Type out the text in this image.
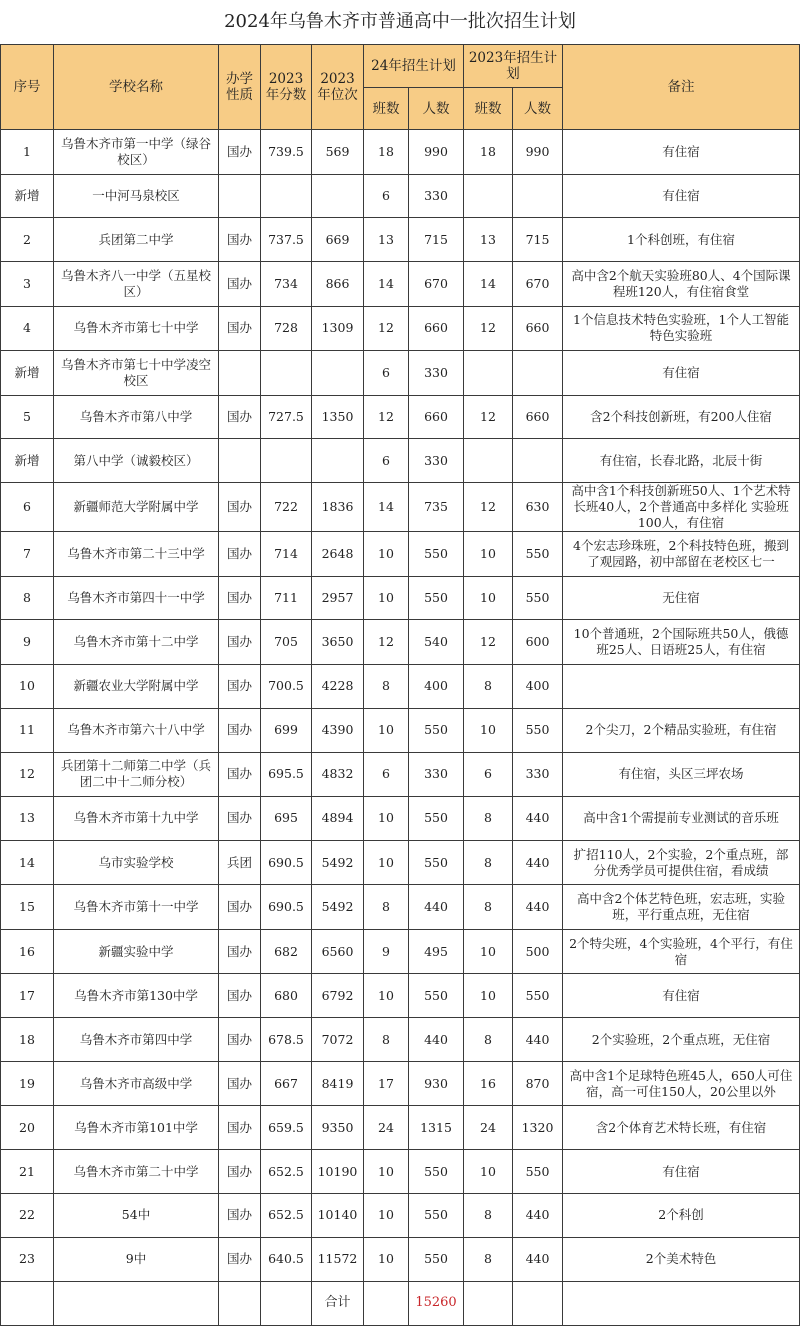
2024年乌鲁木齐市普通高中一批次招生计划
序号	学校名称	办学性质	2023年分数	2023年位次	24年招生计划		2023年招生计划		备注
					班数	人数	班数	人数	
1	乌鲁木齐市第一中学（绿谷校区）	国办	739.5	569	18	990	18	990	有住宿
新增	一中河马泉校区				6	330			有住宿
2	兵团第二中学	国办	737.5	669	13	715	13	715	1个科创班，有住宿
3	乌鲁木齐八一中学（五星校区）	国办	734	866	14	670	14	670	高中含2个航天实验班80人、4个国际课程班120人，有住宿食堂
4	乌鲁木齐市第七十中学	国办	728	1309	12	660	12	660	1个信息技术特色实验班，1个人工智能特色实验班
新增	乌鲁木齐市第七十中学凌空校区				6	330			有住宿
5	乌鲁木齐市第八中学	国办	727.5	1350	12	660	12	660	含2个科技创新班，有200人住宿
新增	第八中学（诚毅校区）				6	330			有住宿，长春北路，北辰十街
6	新疆师范大学附属中学	国办	722	1836	14	735	12	630	高中含1个科技创新班50人、1个艺术特长班40人，2个普通高中多样化 实验班100人，有住宿
7	乌鲁木齐市第二十三中学	国办	714	2648	10	550	10	550	4个宏志珍珠班，2个科技特色班，搬到了观园路，初中部留在老校区七一
8	乌鲁木齐市第四十一中学	国办	711	2957	10	550	10	550	无住宿
9	乌鲁木齐市第十二中学	国办	705	3650	12	540	12	600	10个普通班，2个国际班共50人，俄德班25人、日语班25人，有住宿
10	新疆农业大学附属中学	国办	700.5	4228	8	400	8	400	
11	乌鲁木齐市第六十八中学	国办	699	4390	10	550	10	550	2个尖刀，2个精品实验班，有住宿
12	兵团第十二师第二中学（兵团二中十二师分校）	国办	695.5	4832	6	330	6	330	有住宿，头区三坪农场
13	乌鲁木齐市第十九中学	国办	695	4894	10	550	8	440	高中含1个需提前专业测试的音乐班
14	乌市实验学校	兵团	690.5	5492	10	550	8	440	扩招110人，2个实验，2个重点班，部分优秀学员可提供住宿，看成绩
15	乌鲁木齐市第十一中学	国办	690.5	5492	8	440	8	440	高中含2个体艺特色班，宏志班，实验班，平行重点班，无住宿
16	新疆实验中学	国办	682	6560	9	495	10	500	2个特尖班，4个实验班，4个平行，有住宿
17	乌鲁木齐市第130中学	国办	680	6792	10	550	10	550	有住宿
18	乌鲁木齐市第四中学	国办	678.5	7072	8	440	8	440	2个实验班，2个重点班，无住宿
19	乌鲁木齐市高级中学	国办	667	8419	17	930	16	870	高中含1个足球特色班45人，650人可住宿，高一可住150人，20公里以外
20	乌鲁木齐市第101中学	国办	659.5	9350	24	1315	24	1320	含2个体育艺术特长班，有住宿
21	乌鲁木齐市第二十中学	国办	652.5	10190	10	550	10	550	有住宿
22	54中	国办	652.5	10140	10	550	8	440	2个科创
23	9中	国办	640.5	11572	10	550	8	440	2个美术特色
				合计		15260			
